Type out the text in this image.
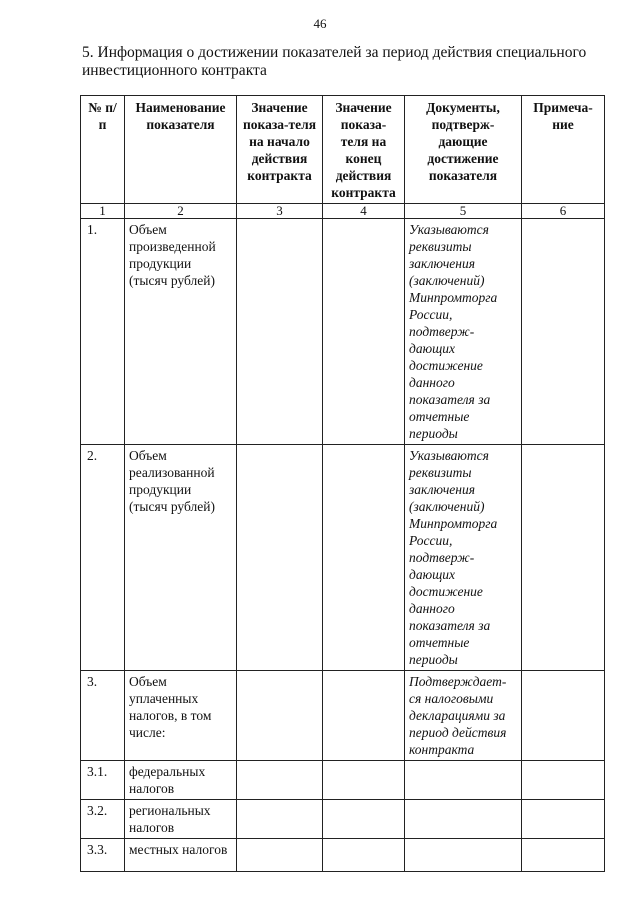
46
5. Информация о достижении показателей за период действия специального инвестиционного контракта
№ п/п	Наименование показателя	Значение показа-теля на начало действия контракта	Значение показа-теля на конец действия контракта	Документы, подтверж-дающие достижение показателя	Примеча-ние
1	2	3	4	5	6
1.	Объем произведенной продукции (тысяч рублей)			Указываются реквизиты заключения (заключений) Минпромторга России, подтверж-дающих достижение данного показателя за отчетные периоды	
2.	Объем реализованной продукции (тысяч рублей)			Указываются реквизиты заключения (заключений) Минпромторга России, подтверж-дающих достижение данного показателя за отчетные периоды	
3.	Объем уплаченных налогов, в том числе:			Подтверждает-ся налоговыми декларациями за период действия контракта	
3.1.	федеральных налогов				
3.2.	региональных налогов				
3.3.	местных налогов				
